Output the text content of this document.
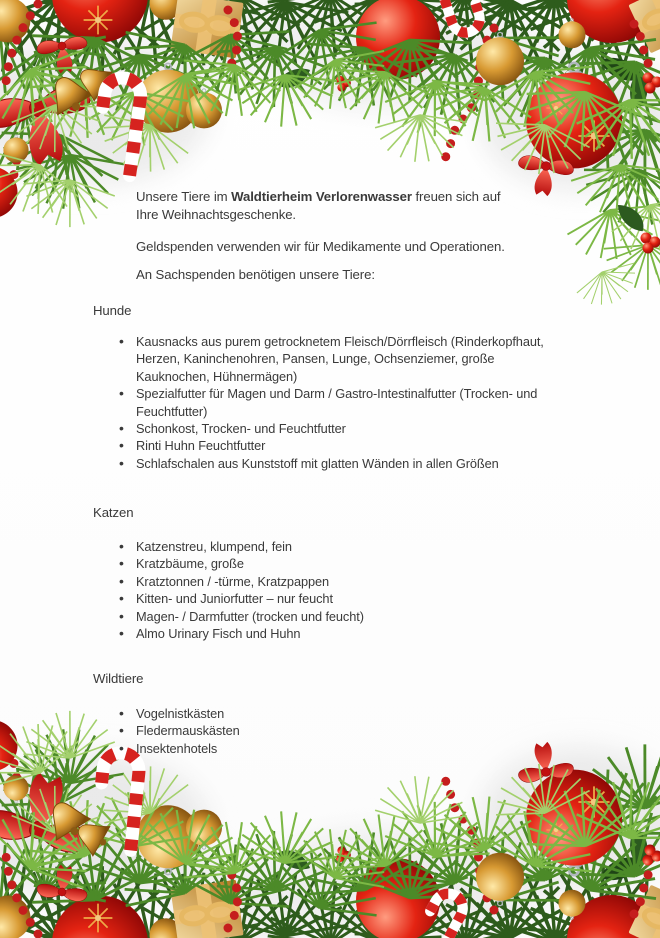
Unsere Tiere im Waldtierheim Verlorenwasser freuen sich auf
Ihre Weihnachtsgeschenke.

Geldspenden verwenden wir für Medikamente und Operationen.

An Sachspenden benötigen unsere Tiere:

Hunde
• Kausnacks aus purem getrocknetem Fleisch/Dörrfleisch (Rinderkopfhaut, Herzen, Kaninchenohren, Pansen, Lunge, Ochsenziemer, große Kauknochen, Hühnermägen)
• Spezialfutter für Magen und Darm / Gastro-Intestinalfutter (Trocken- und Feuchtfutter)
• Schonkost, Trocken- und Feuchtfutter
• Rinti Huhn Feuchtfutter
• Schlafschalen aus Kunststoff mit glatten Wänden in allen Größen
Katzen
• Katzenstreu, klumpend, fein
• Kratzbäume, große
• Kratztonnen / -türme, Kratzpappen
• Kitten- und Juniorfutter – nur feucht
• Magen- / Darmfutter (trocken und feucht)
• Almo Urinary Fisch und Huhn
Wildtiere
• Vogelnistkästen
• Fledermauskästen
• Insektenhotels
